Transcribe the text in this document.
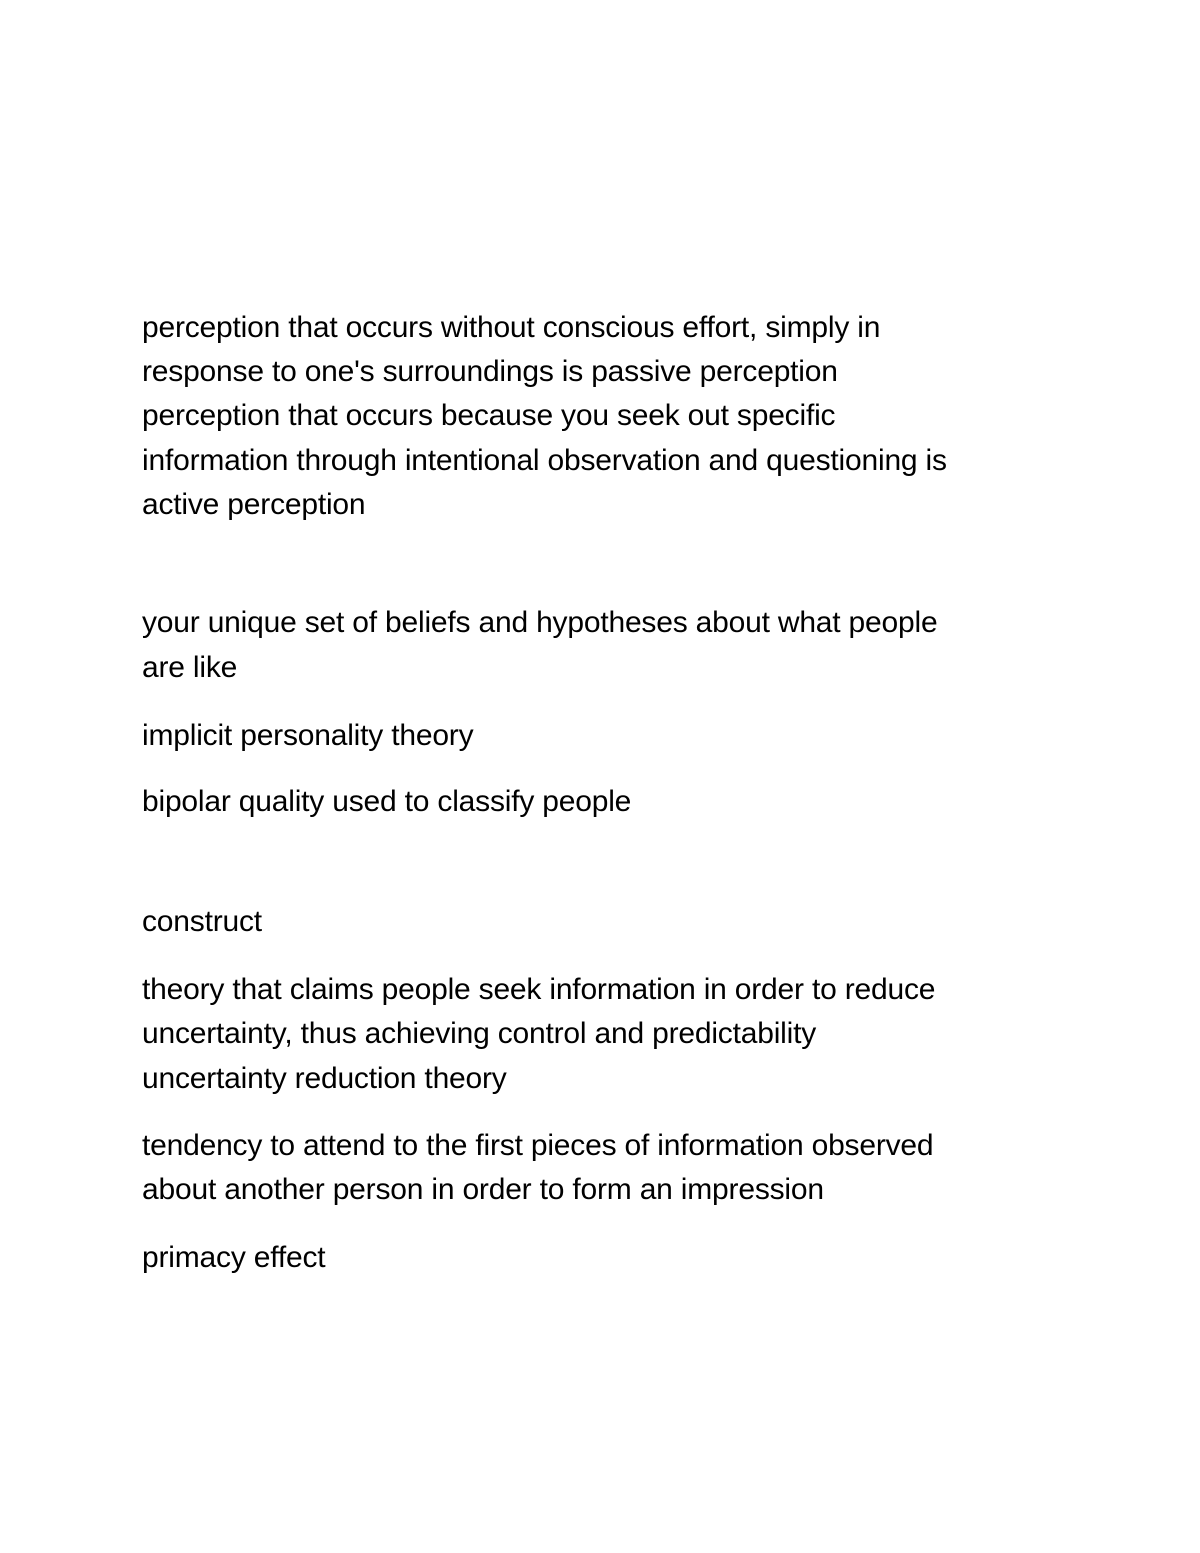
perception that occurs without conscious effort, simply in
response to one's surroundings is passive perception
perception that occurs because you seek out specific
information through intentional observation and questioning is
active perception
your unique set of beliefs and hypotheses about what people
are like
implicit personality theory
bipolar quality used to classify people
construct
theory that claims people seek information in order to reduce
uncertainty, thus achieving control and predictability
uncertainty reduction theory
tendency to attend to the first pieces of information observed
about another person in order to form an impression
primacy effect
